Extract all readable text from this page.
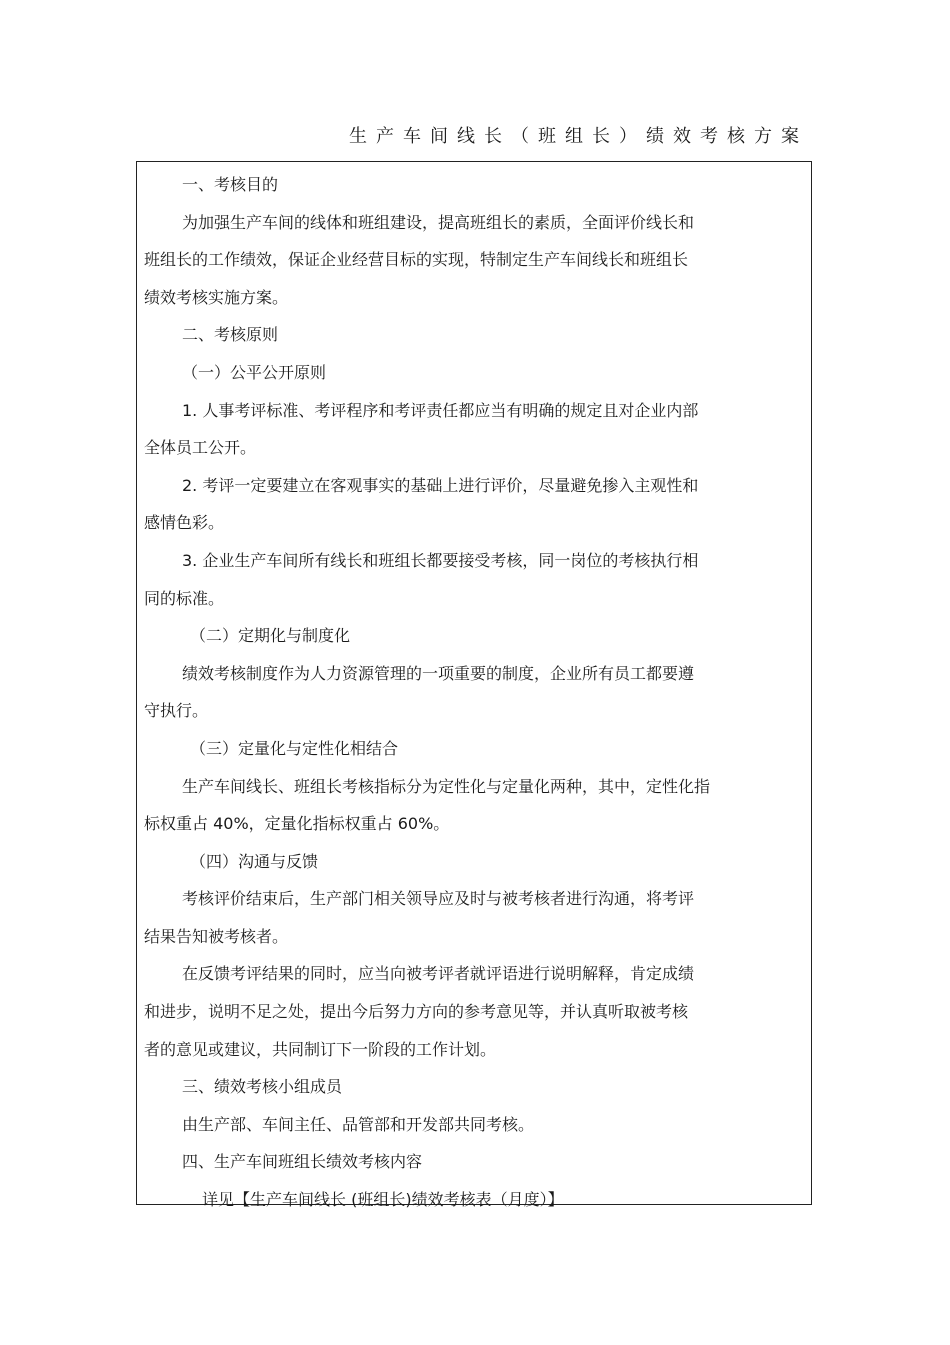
生产车间线长（班组长）绩效考核方案
一、考核目的
为加强生产车间的线体和班组建设，提高班组长的素质，全面评价线长和
班组长的工作绩效，保证企业经营目标的实现，特制定生产车间线长和班组长
绩效考核实施方案。
二、考核原则
（一）公平公开原则
1. 人事考评标准、考评程序和考评责任都应当有明确的规定且对企业内部
全体员工公开。
2. 考评一定要建立在客观事实的基础上进行评价，尽量避免掺入主观性和
感情色彩。
3. 企业生产车间所有线长和班组长都要接受考核，同一岗位的考核执行相
同的标准。
（二）定期化与制度化
绩效考核制度作为人力资源管理的一项重要的制度，企业所有员工都要遵
守执行。
（三）定量化与定性化相结合
生产车间线长、班组长考核指标分为定性化与定量化两种，其中，定性化指
标权重占 40%，定量化指标权重占 60%。
（四）沟通与反馈
考核评价结束后，生产部门相关领导应及时与被考核者进行沟通，将考评
结果告知被考核者。
在反馈考评结果的同时，应当向被考评者就评语进行说明解释，肯定成绩
和进步，说明不足之处，提出今后努力方向的参考意见等，并认真听取被考核
者的意见或建议，共同制订下一阶段的工作计划。
三、绩效考核小组成员
由生产部、车间主任、品管部和开发部共同考核。
四、生产车间班组长绩效考核内容
详见【生产车间线长 (班组长)绩效考核表（月度）】
